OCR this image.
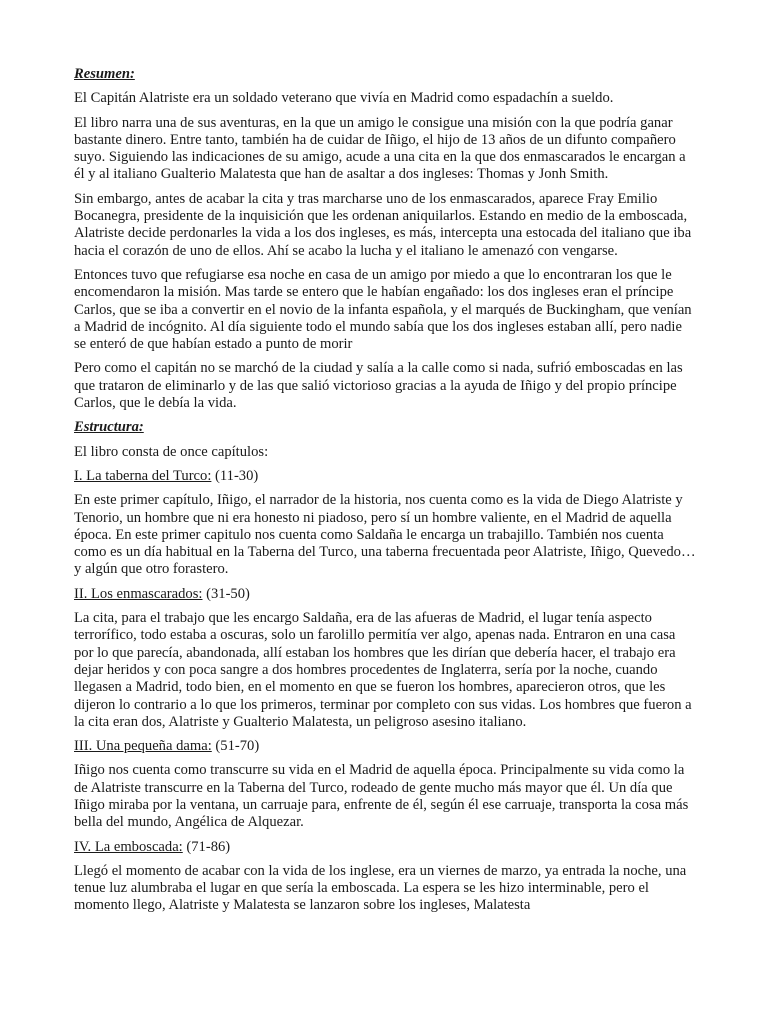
Resumen:

El Capitán Alatriste era un soldado veterano que vivía en Madrid como espadachín a sueldo.

El libro narra una de sus aventuras, en la que un amigo le consigue una misión con la que podría ganar bastante dinero. Entre tanto, también ha de cuidar de Iñigo, el hijo de 13 años de un difunto compañero suyo. Siguiendo las indicaciones de su amigo, acude a una cita en la que dos enmascarados le encargan a él y al italiano Gualterio Malatesta que han de asaltar a dos ingleses: Thomas y Jonh Smith.

Sin embargo, antes de acabar la cita y tras marcharse uno de los enmascarados, aparece Fray Emilio Bocanegra, presidente de la inquisición que les ordenan aniquilarlos. Estando en medio de la emboscada, Alatriste decide perdonarles la vida a los dos ingleses, es más, intercepta una estocada del italiano que iba hacia el corazón de uno de ellos. Ahí se acabo la lucha y el italiano le amenazó con vengarse.

Entonces tuvo que refugiarse esa noche en casa de un amigo por miedo a que lo encontraran los que le encomendaron la misión. Mas tarde se entero que le habían engañado: los dos ingleses eran el príncipe Carlos, que se iba a convertir en el novio de la infanta española, y el marqués de Buckingham, que venían a Madrid de incógnito. Al día siguiente todo el mundo sabía que los dos ingleses estaban allí, pero nadie se enteró de que habían estado a punto de morir

Pero como el capitán no se marchó de la ciudad y salía a la calle como si nada, sufrió emboscadas en las que trataron de eliminarlo y de las que salió victorioso gracias a la ayuda de Iñigo y del propio príncipe Carlos, que le debía la vida.

Estructura:

El libro consta de once capítulos:

I. La taberna del Turco: (11-30)

En este primer capítulo, Iñigo, el narrador de la historia, nos cuenta como es la vida de Diego Alatriste y Tenorio, un hombre que ni era honesto ni piadoso, pero sí un hombre valiente, en el Madrid de aquella época. En este primer capitulo nos cuenta como Saldaña le encarga un trabajillo. También nos cuenta como es un día habitual en la Taberna del Turco, una taberna frecuentada peor Alatriste, Iñigo, Quevedo… y algún que otro forastero.

II. Los enmascarados: (31-50)

La cita, para el trabajo que les encargo Saldaña, era de las afueras de Madrid, el lugar tenía aspecto terrorífico, todo estaba a oscuras, solo un farolillo permitía ver algo, apenas nada. Entraron en una casa por lo que parecía, abandonada, allí estaban los hombres que les dirían que debería hacer, el trabajo era dejar heridos y con poca sangre a dos hombres procedentes de Inglaterra, sería por la noche, cuando llegasen a Madrid, todo bien, en el momento en que se fueron los hombres, aparecieron otros, que les dijeron lo contrario a lo que los primeros, terminar por completo con sus vidas. Los hombres que fueron a la cita eran dos, Alatriste y Gualterio Malatesta, un peligroso asesino italiano.

III. Una pequeña dama: (51-70)

Iñigo nos cuenta como transcurre su vida en el Madrid de aquella época. Principalmente su vida como la de Alatriste transcurre en la Taberna del Turco, rodeado de gente mucho más mayor que él. Un día que Iñigo miraba por la ventana, un carruaje para, enfrente de él, según él ese carruaje, transporta la cosa más bella del mundo, Angélica de Alquezar.

IV. La emboscada: (71-86)

Llegó el momento de acabar con la vida de los inglese, era un viernes de marzo, ya entrada la noche, una tenue luz alumbraba el lugar en que sería la emboscada. La espera se les hizo interminable, pero el momento llego, Alatriste y Malatesta se lanzaron sobre los ingleses, Malatesta
